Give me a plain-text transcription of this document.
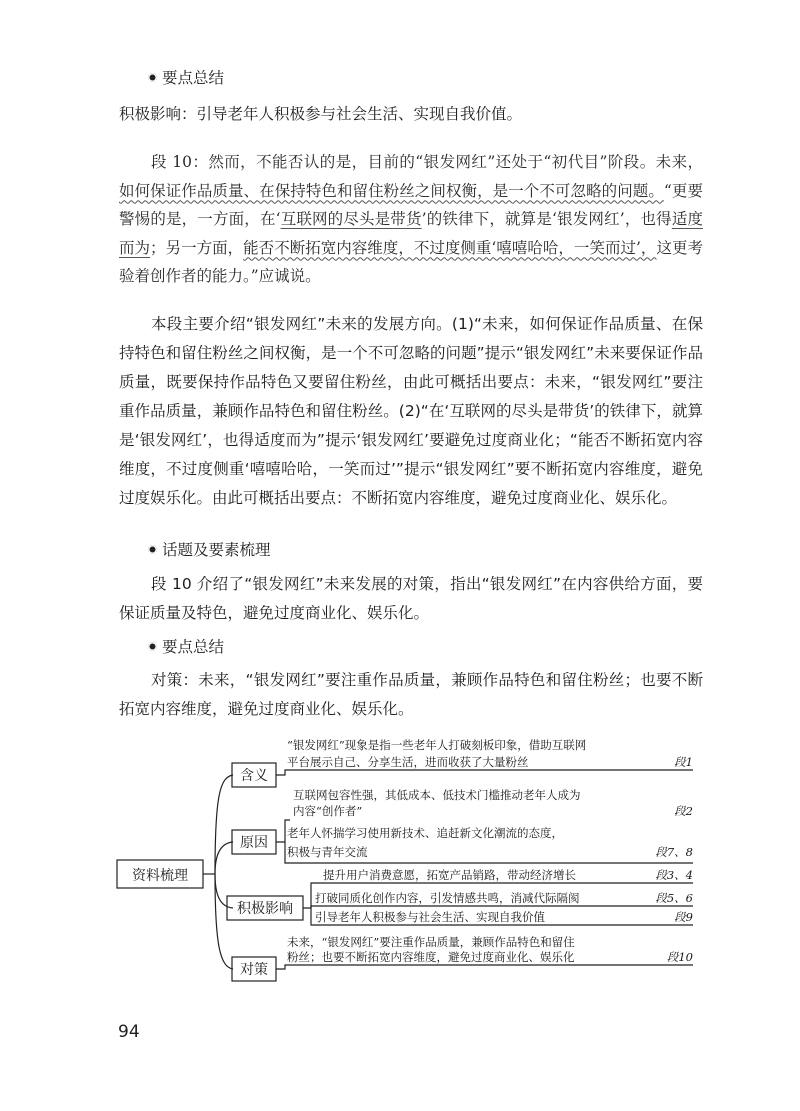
要点总结
积极影响：引导老年人积极参与社会生活、实现自我价值。
段 10：然而，不能否认的是，目前的“银发网红”还处于“初代目”阶段。未来，如何保证作品质量、在保持特色和留住粉丝之间权衡，是一个不可忽略的问题。“更要警惕的是，一方面，在‘互联网的尽头是带货’的铁律下，就算是‘银发网红’，也得适度而为；另一方面，能否不断拓宽内容维度，不过度侧重‘嘻嘻哈哈，一笑而过’，这更考验着创作者的能力。”应诚说。
本段主要介绍“银发网红”未来的发展方向。(1)“未来，如何保证作品质量、在保持特色和留住粉丝之间权衡，是一个不可忽略的问题”提示“银发网红”未来要保证作品质量，既要保持作品特色又要留住粉丝，由此可概括出要点：未来，“银发网红”要注重作品质量，兼顾作品特色和留住粉丝。(2)“在‘互联网的尽头是带货’的铁律下，就算是‘银发网红’，也得适度而为”提示‘银发网红’要避免过度商业化；“能否不断拓宽内容维度，不过度侧重‘嘻嘻哈哈，一笑而过’”提示“银发网红”要不断拓宽内容维度，避免过度娱乐化。由此可概括出要点：不断拓宽内容维度，避免过度商业化、娱乐化。
话题及要素梳理
段 10 介绍了“银发网红”未来发展的对策，指出“银发网红”在内容供给方面，要保证质量及特色，避免过度商业化、娱乐化。
要点总结
对策：未来，“银发网红”要注重作品质量，兼顾作品特色和留住粉丝；也要不断拓宽内容维度，避免过度商业化、娱乐化。
资料梳理
含义
原因
积极影响
对策
“银发网红”现象是指一些老年人打破刻板印象，借助互联网
平台展示自己、分享生活，进而收获了大量粉丝	段1
互联网包容性强，其低成本、低技术门槛推动老年人成为
内容“创作者”	段2
老年人怀揣学习使用新技术、追赶新文化潮流的态度，
积极与青年交流	段7、8
提升用户消费意愿，拓宽产品销路，带动经济增长	段3、4
打破同质化创作内容，引发情感共鸣，消减代际隔阂	段5、6
引导老年人积极参与社会生活、实现自我价值	段9
未来，“银发网红”要注重作品质量，兼顾作品特色和留住
粉丝；也要不断拓宽内容维度，避免过度商业化、娱乐化	段10
94
